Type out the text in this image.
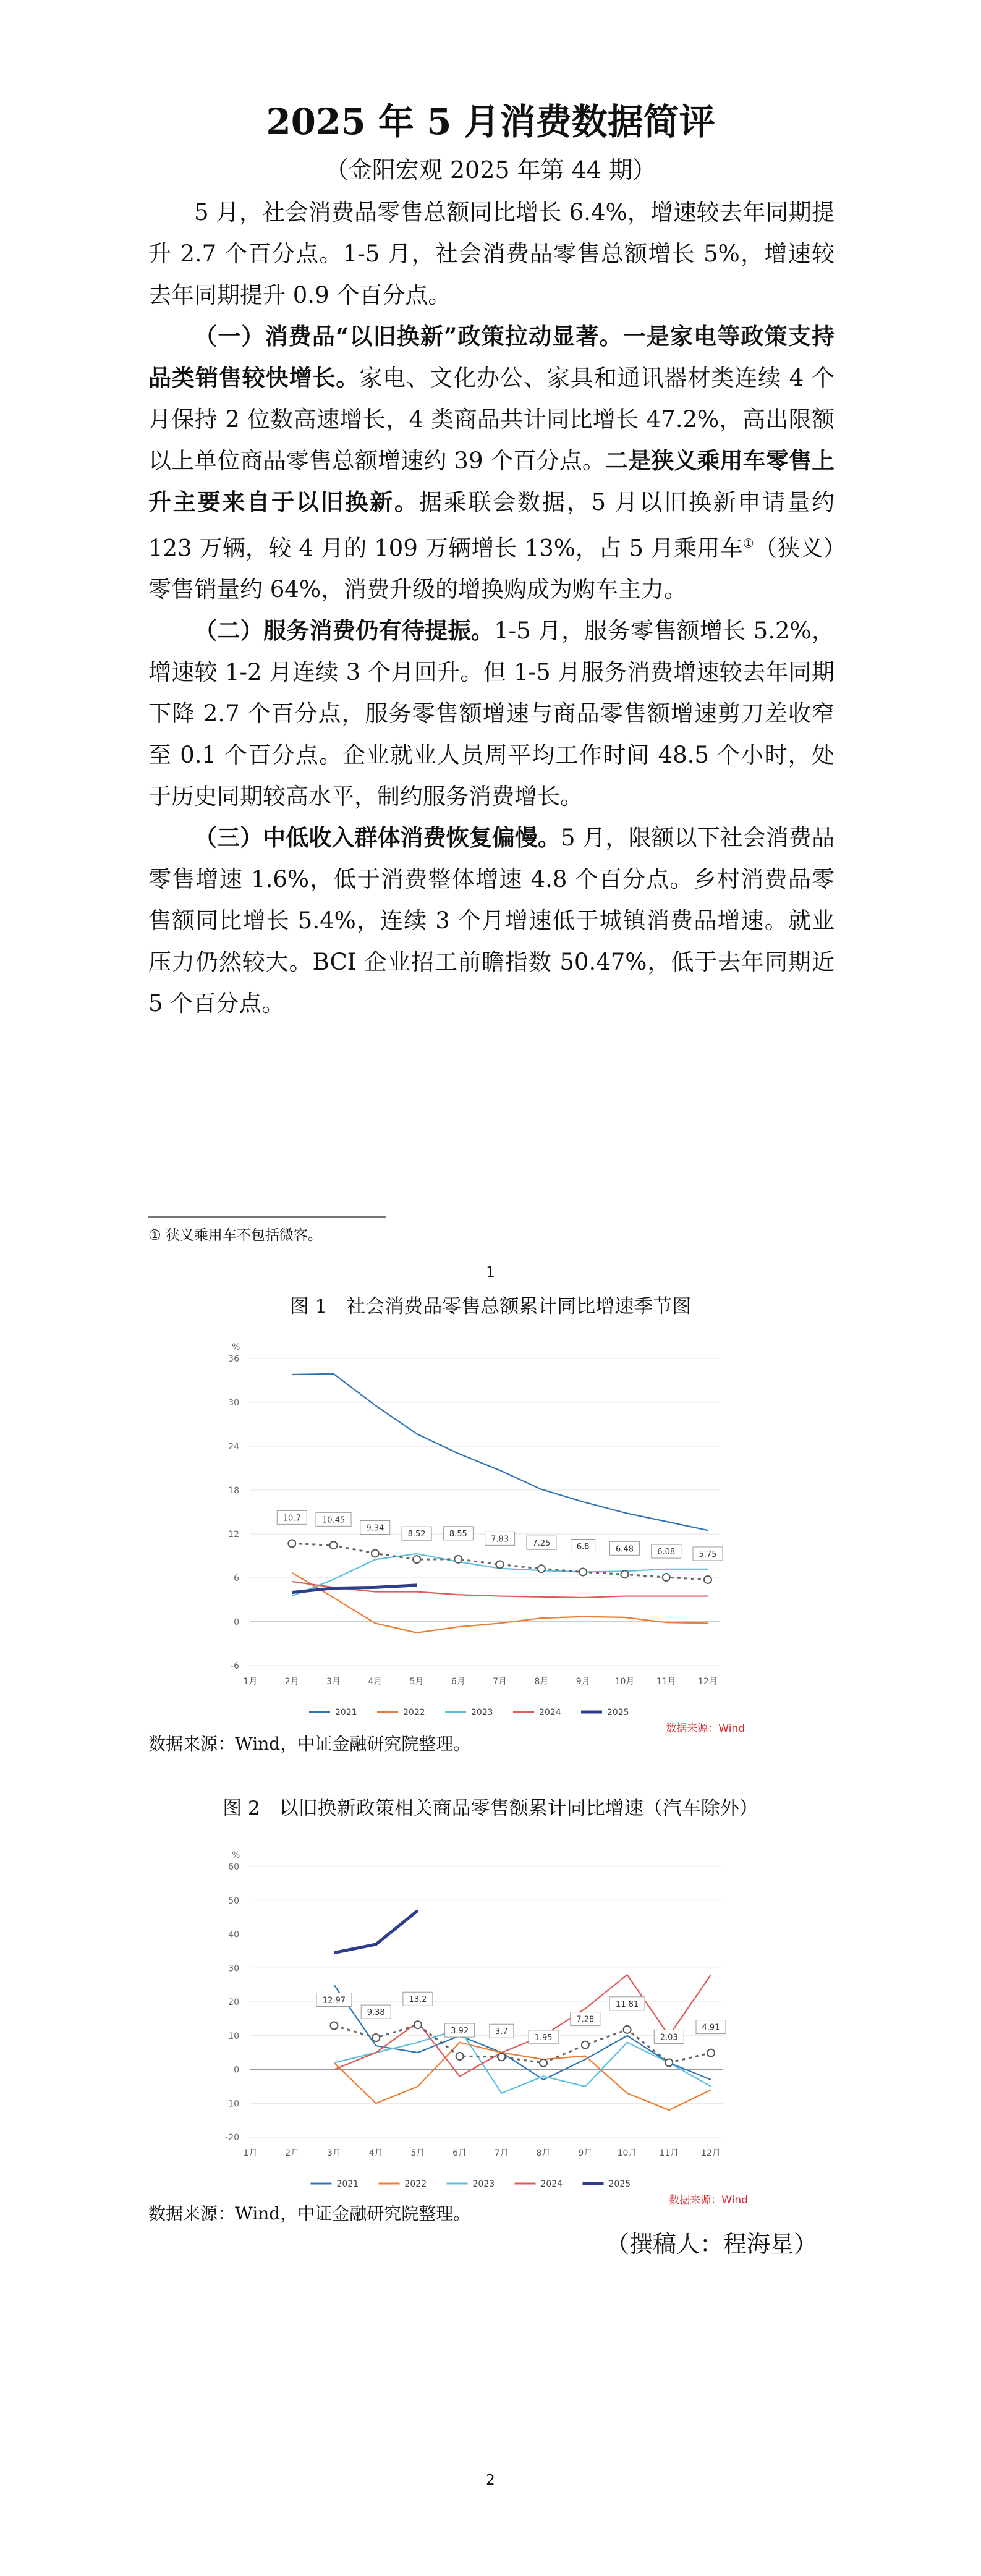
2025 年 5 月消费数据简评
（金阳宏观 2025 年第 44 期）

5 月，社会消费品零售总额同比增长 6.4%，增速较去年同期提升 2.7 个百分点。1-5 月，社会消费品零售总额增长 5%，增速较去年同期提升 0.9 个百分点。

（一）消费品“以旧换新”政策拉动显著。一是家电等政策支持品类销售较快增长。家电、文化办公、家具和通讯器材类连续 4 个月保持 2 位数高速增长，4 类商品共计同比增长 47.2%，高出限额以上单位商品零售总额增速约 39 个百分点。二是狭义乘用车零售上升主要来自于以旧换新。据乘联会数据，5 月以旧换新申请量约 123 万辆，较 4 月的 109 万辆增长 13%，占 5 月乘用车①（狭义）零售销量约 64%，消费升级的增换购成为购车主力。

（二）服务消费仍有待提振。1-5 月，服务零售额增长 5.2%，增速较 1-2 月连续 3 个月回升。但 1-5 月服务消费增速较去年同期下降 2.7 个百分点，服务零售额增速与商品零售额增速剪刀差收窄至 0.1 个百分点。企业就业人员周平均工作时间 48.5 个小时，处于历史同期较高水平，制约服务消费增长。

（三）中低收入群体消费恢复偏慢。5 月，限额以下社会消费品零售增速 1.6%，低于消费整体增速 4.8 个百分点。乡村消费品零售额同比增长 5.4%，连续 3 个月增速低于城镇消费品增速。就业压力仍然较大。BCI 企业招工前瞻指数 50.47%，低于去年同期近 5 个百分点。

① 狭义乘用车不包括微客。
1
图 1　社会消费品零售总额累计同比增速季节图
%
-6
0
6
12
18
24
30
36
1月	2月	3月	4月	5月	6月	7月	8月	9月	10月	11月	12月
10.7	10.45
9.34
8.52	8.55
7.83	7.25	6.8	6.48	6.08	5.75
2021	2022	2023	2024	2025
数据来源：Wind
数据来源：Wind，中证金融研究院整理。
图 2　以旧换新政策相关商品零售额累计同比增速（汽车除外）
%
-20
-10
0
10
20
30
40
50
60
1月	2月	3月	4月	5月	6月	7月	8月	9月	10月	11月	12月
12.97
9.38
13.2
3.92	3.7
1.95
7.28
11.81
2.03
4.91
2021	2022	2023	2024	2025
数据来源：Wind
数据来源：Wind，中证金融研究院整理。
（撰稿人：程海星）
2
